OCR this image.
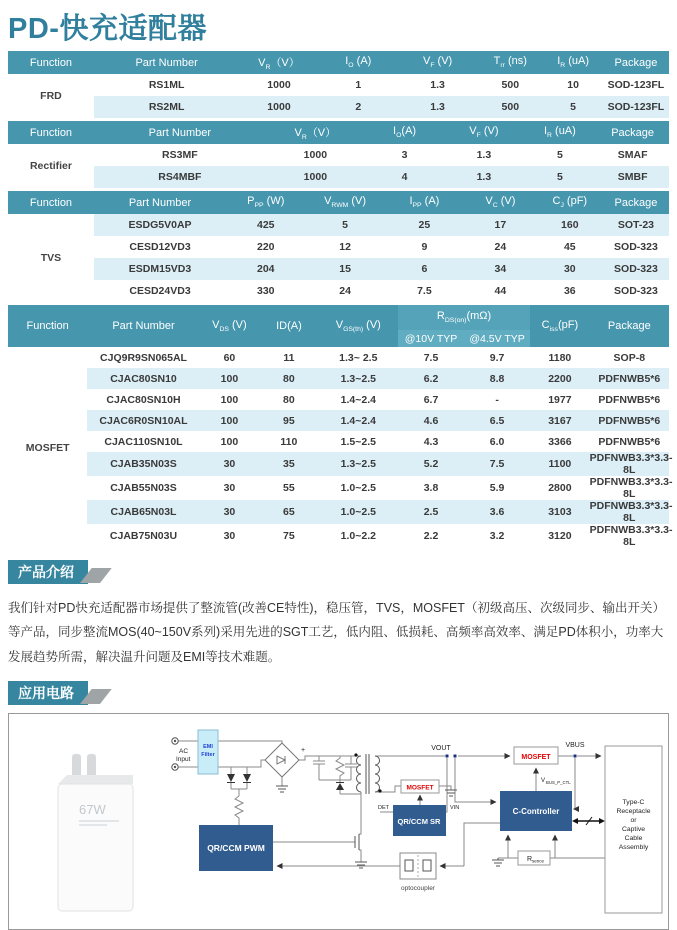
PD-快充适配器
Function	Part Number	$V_R(V)$	$I_O$ (A)	$V_F$ (V)	$T_{rr}$ (ns)	$I_R$ (uA)	Package
FRD	RS1ML	1000	1	1.3	500	10	SOD-123FL
	RS2ML	1000	2	1.3	500	5	SOD-123FL
Function	Part Number	$V_R(V)$	$I_O(A)$	$V_F$ (V)	$I_R$ (uA)	Package
Rectifier	RS3MF	1000	3	1.3	5	SMAF
	RS4MBF	1000	4	1.3	5	SMBF
Function	Part Number	$P_{PP}$ (W)	$V_{RWM}$ (V)	$I_{PP}$ (A)	$V_C$ (V)	$C_J$ (pF)	Package
TVS	ESDG5V0AP	425	5	25	17	160	SOT-23
	CESD12VD3	220	12	9	24	45	SOD-323
	ESDM15VD3	204	15	6	34	30	SOD-323
	CESD24VD3	330	24	7.5	44	36	SOD-323
Function	Part Number	$V_{DS}$ (V)	ID(A)	$V_{GS(th)}$ (V)	$R_{DS(on)}(m\Omega)$		$C_{iss}(pF)$	Package
					@10V TYP	@4.5V TYP		
MOSFET	CJQ9R9SN065AL	60	11	1.3~ 2.5	7.5	9.7	1180	SOP-8
	CJAC80SN10	100	80	1.3~2.5	6.2	8.8	2200	PDFNWB5*6
	CJAC80SN10H	100	80	1.4~2.4	6.7	-	1977	PDFNWB5*6
	CJAC6R0SN10AL	100	95	1.4~2.4	4.6	6.5	3167	PDFNWB5*6
	CJAC110SN10L	100	110	1.5~2.5	4.3	6.0	3366	PDFNWB5*6
	CJAB35N03S	30	35	1.3~2.5	5.2	7.5	1100	PDFNWB3.3*3.3-8L
	CJAB55N03S	30	55	1.0~2.5	3.8	5.9	2800	PDFNWB3.3*3.3-8L
	CJAB65N03L	30	65	1.0~2.5	2.5	3.6	3103	PDFNWB3.3*3.3-8L
	CJAB75N03U	30	75	1.0~2.2	2.2	3.2	3120	PDFNWB3.3*3.3-8L
产品介绍

我们针对PD快充适配器市场提供了整流管(改善CE特性)，稳压管，TVS，MOSFET（初级高压、次级同步、输出开关）等产品，同步整流MOS(40~150V系列)采用先进的SGT工艺，低内阻、低损耗、高频率高效率、满足PD体积小，功率大发展趋势所需，解决温升问题及EMI等技术难题。

应用电路
67W
AC
Input
EMI
Filter
+
QR/CCM PWM
MOSFET
QR/CCM SR
DET	VIN
VOUT	VBUS
MOSFET
V BUS_P_CTL
C-Controller
R sence
optocoupler
Type-C
Receptacle
or
Captive
Cable
Assembly
